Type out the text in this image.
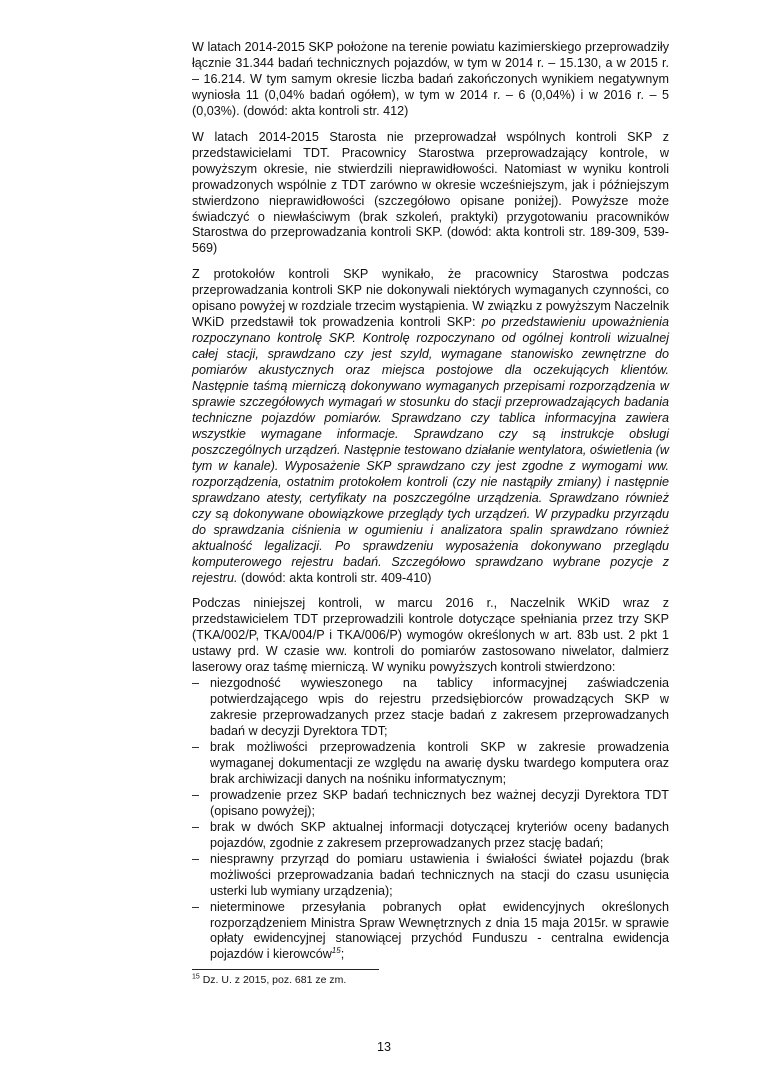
W latach 2014-2015 SKP położone na terenie powiatu kazimierskiego przeprowadziły łącznie 31.344 badań technicznych pojazdów, w tym w 2014 r. – 15.130, a w 2015 r. – 16.214. W tym samym okresie liczba badań zakończonych wynikiem negatywnym wyniosła 11 (0,04% badań ogółem), w tym w 2014 r. – 6 (0,04%) i w 2016 r. – 5 (0,03%). (dowód: akta kontroli str. 412)

W latach 2014-2015 Starosta nie przeprowadzał wspólnych kontroli SKP z przedstawicielami TDT. Pracownicy Starostwa przeprowadzający kontrole, w powyższym okresie, nie stwierdzili nieprawidłowości. Natomiast w wyniku kontroli prowadzonych wspólnie z TDT zarówno w okresie wcześniejszym, jak i późniejszym stwierdzono nieprawidłowości (szczegółowo opisane poniżej). Powyższe może świadczyć o niewłaściwym (brak szkoleń, praktyki) przygotowaniu pracowników Starostwa do przeprowadzania kontroli SKP. (dowód: akta kontroli str. 189-309, 539-569)

Z protokołów kontroli SKP wynikało, że pracownicy Starostwa podczas przeprowadzania kontroli SKP nie dokonywali niektórych wymaganych czynności, co opisano powyżej w rozdziale trzecim wystąpienia. W związku z powyższym Naczelnik WKiD przedstawił tok prowadzenia kontroli SKP: po przedstawieniu upoważnienia rozpoczynano kontrolę SKP. Kontrolę rozpoczynano od ogólnej kontroli wizualnej całej stacji, sprawdzano czy jest szyld, wymagane stanowisko zewnętrzne do pomiarów akustycznych oraz miejsca postojowe dla oczekujących klientów. Następnie taśmą mierniczą dokonywano wymaganych przepisami rozporządzenia w sprawie szczegółowych wymagań w stosunku do stacji przeprowadzających badania techniczne pojazdów pomiarów. Sprawdzano czy tablica informacyjna zawiera wszystkie wymagane informacje. Sprawdzano czy są instrukcje obsługi poszczególnych urządzeń. Następnie testowano działanie wentylatora, oświetlenia (w tym w kanale). Wyposażenie SKP sprawdzano czy jest zgodne z wymogami ww. rozporządzenia, ostatnim protokołem kontroli (czy nie nastąpiły zmiany) i następnie sprawdzano atesty, certyfikaty na poszczególne urządzenia. Sprawdzano również czy są dokonywane obowiązkowe przeglądy tych urządzeń. W przypadku przyrządu do sprawdzania ciśnienia w ogumieniu i analizatora spalin sprawdzano również aktualność legalizacji. Po sprawdzeniu wyposażenia dokonywano przeglądu komputerowego rejestru badań. Szczegółowo sprawdzano wybrane pozycje z rejestru. (dowód: akta kontroli str. 409-410)

Podczas niniejszej kontroli, w marcu 2016 r., Naczelnik WKiD wraz z przedstawicielem TDT przeprowadzili kontrole dotyczące spełniania przez trzy SKP (TKA/002/P, TKA/004/P i TKA/006/P) wymogów określonych w art. 83b ust. 2 pkt 1 ustawy prd. W czasie ww. kontroli do pomiarów zastosowano niwelator, dalmierz laserowy oraz taśmę mierniczą. W wyniku powyższych kontroli stwierdzono:

– niezgodność wywieszonego na tablicy informacyjnej zaświadczenia potwierdzającego wpis do rejestru przedsiębiorców prowadzących SKP w zakresie przeprowadzanych przez stacje badań z zakresem przeprowadzanych badań w decyzji Dyrektora TDT;
– brak możliwości przeprowadzenia kontroli SKP w zakresie prowadzenia wymaganej dokumentacji ze względu na awarię dysku twardego komputera oraz brak archiwizacji danych na nośniku informatycznym;
– prowadzenie przez SKP badań technicznych bez ważnej decyzji Dyrektora TDT (opisano powyżej);
– brak w dwóch SKP aktualnej informacji dotyczącej kryteriów oceny badanych pojazdów, zgodnie z zakresem przeprowadzanych przez stację badań;
– niesprawny przyrząd do pomiaru ustawienia i świałości świateł pojazdu (brak możliwości przeprowadzania badań technicznych na stacji do czasu usunięcia usterki lub wymiany urządzenia);
– nieterminowe przesyłania pobranych opłat ewidencyjnych określonych rozporządzeniem Ministra Spraw Wewnętrznych z dnia 15 maja 2015r. w sprawie opłaty ewidencyjnej stanowiącej przychód Funduszu - centralna ewidencja pojazdów i kierowców$^{15}$;
$^{15}$ Dz. U. z 2015, poz. 681 ze zm.
13
